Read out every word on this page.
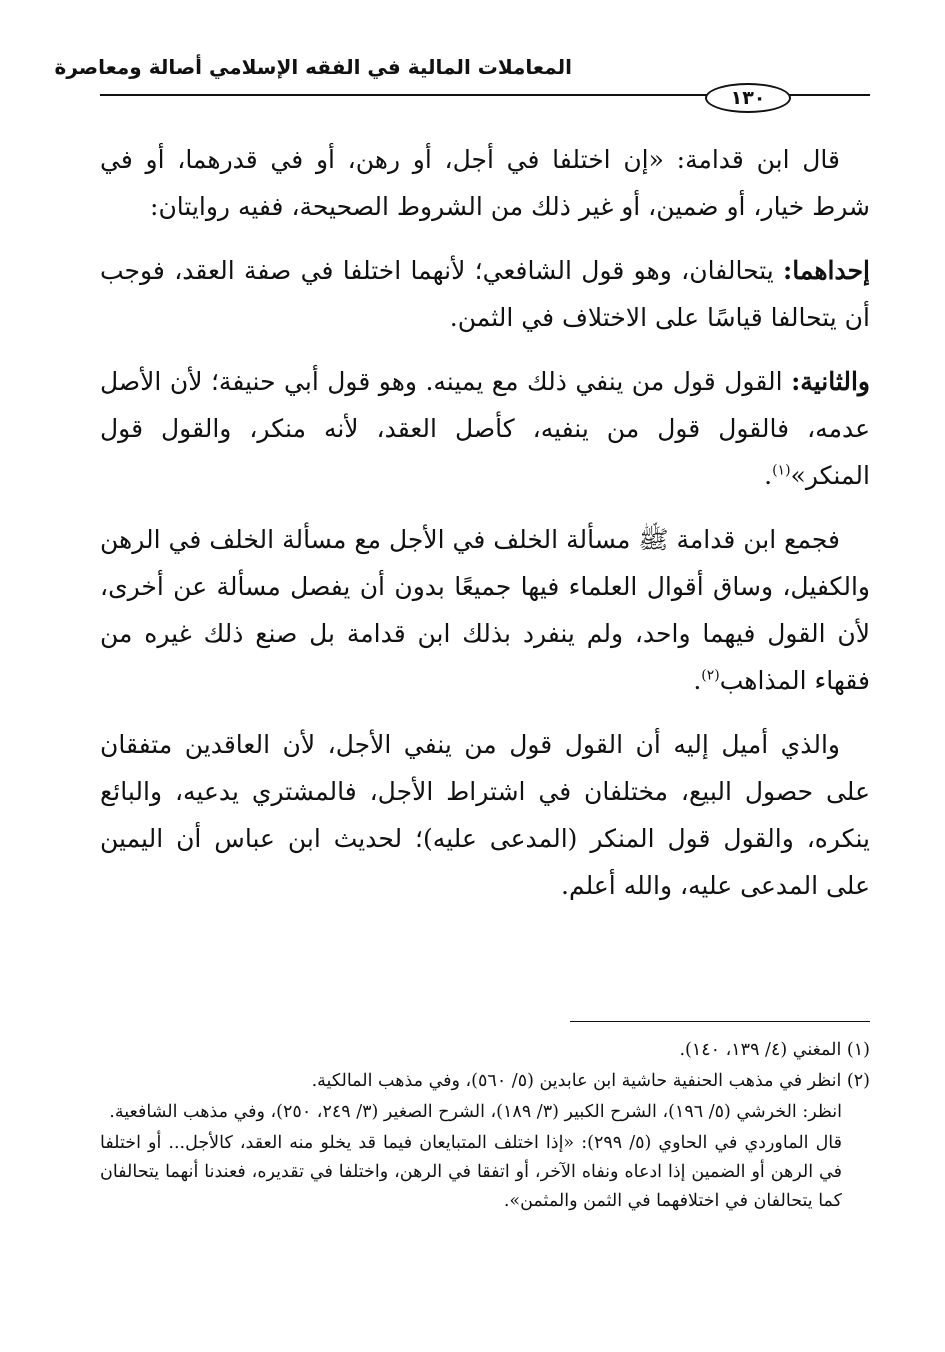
المعاملات المالية في الفقه الإسلامي أصالة ومعاصرة
١٣٠

قال ابن قدامة: «إن اختلفا في أجل، أو رهن، أو في قدرهما، أو في شرط خيار، أو ضمين، أو غير ذلك من الشروط الصحيحة، ففيه روايتان:

إحداهما: يتحالفان، وهو قول الشافعي؛ لأنهما اختلفا في صفة العقد، فوجب أن يتحالفا قياسًا على الاختلاف في الثمن.

والثانية: القول قول من ينفي ذلك مع يمينه. وهو قول أبي حنيفة؛ لأن الأصل عدمه، فالقول قول من ينفيه، كأصل العقد، لأنه منكر، والقول قول المنكر»$^{(١)}$.

فجمع ابن قدامة ﷺ مسألة الخلف في الأجل مع مسألة الخلف في الرهن والكفيل، وساق أقوال العلماء فيها جميعًا بدون أن يفصل مسألة عن أخرى، لأن القول فيهما واحد، ولم ينفرد بذلك ابن قدامة بل صنع ذلك غيره من فقهاء المذاهب$^{(٢)}$.

والذي أميل إليه أن القول قول من ينفي الأجل، لأن العاقدين متفقان على حصول البيع، مختلفان في اشتراط الأجل، فالمشتري يدعيه، والبائع ينكره، والقول قول المنكر (المدعى عليه)؛ لحديث ابن عباس أن اليمين على المدعى عليه، والله أعلم.

(١) المغني (٤/ ١٣٩، ١٤٠).

(٢) انظر في مذهب الحنفية حاشية ابن عابدين (٥/ ٥٦٠)، وفي مذهب المالكية.

انظر: الخرشي (٥/ ١٩٦)، الشرح الكبير (٣/ ١٨٩)، الشرح الصغير (٣/ ٢٤٩، ٢٥٠)، وفي مذهب الشافعية.

قال الماوردي في الحاوي (٥/ ٢٩٩): «إذا اختلف المتبايعان فيما قد يخلو منه العقد، كالأجل... أو اختلفا في الرهن أو الضمين إذا ادعاه ونفاه الآخر، أو اتفقا في الرهن، واختلفا في تقديره، فعندنا أنهما يتحالفان كما يتحالفان في اختلافهما في الثمن والمثمن».
